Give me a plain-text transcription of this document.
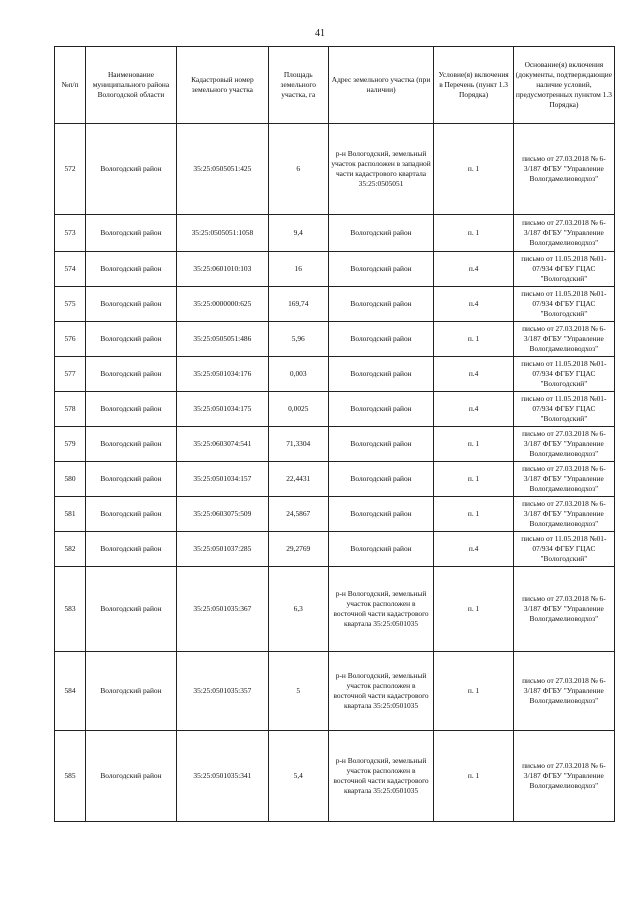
41
№п/п	Наименование муниципального района Вологодской области	Кадастровый номер земельного участка	Площадь земельного участка, га	Адрес земельного участка (при наличии)	Условие(я) включения в Перечень (пункт 1.3 Порядка)	Основание(я) включения (документы, подтверждающие наличие условий, предусмотренных пунктом 1.3 Порядка)
572	Вологодский район	35:25:0505051:425	6	р-н Вологодский, земельный участок расположен в западной части кадастрового квартала 35:25:0505051	п. 1	письмо от 27.03.2018 № 6-3/187 ФГБУ "Управление Вологдамелиоводхоз"
573	Вологодский район	35:25:0505051:1058	9,4	Вологодский район	п. 1	письмо от 27.03.2018 № 6-3/187 ФГБУ "Управление Вологдамелиоводхоз"
574	Вологодский район	35:25:0601010:103	16	Вологодский район	п.4	письмо от 11.05.2018 №01-07/934 ФГБУ ГЦАС "Вологодский"
575	Вологодский район	35:25:0000000:625	169,74	Вологодский район	п.4	письмо от 11.05.2018 №01-07/934 ФГБУ ГЦАС "Вологодский"
576	Вологодский район	35:25:0505051:486	5,96	Вологодский район	п. 1	письмо от 27.03.2018 № 6-3/187 ФГБУ "Управление Вологдамелиоводхоз"
577	Вологодский район	35:25:0501034:176	0,003	Вологодский район	п.4	письмо от 11.05.2018 №01-07/934 ФГБУ ГЦАС "Вологодский"
578	Вологодский район	35:25:0501034:175	0,0025	Вологодский район	п.4	письмо от 11.05.2018 №01-07/934 ФГБУ ГЦАС "Вологодский"
579	Вологодский район	35:25:0603074:541	71,3304	Вологодский район	п. 1	письмо от 27.03.2018 № 6-3/187 ФГБУ "Управление Вологдамелиоводхоз"
580	Вологодский район	35:25:0501034:157	22,4431	Вологодский район	п. 1	письмо от 27.03.2018 № 6-3/187 ФГБУ "Управление Вологдамелиоводхоз"
581	Вологодский район	35:25:0603075:509	24,5867	Вологодский район	п. 1	письмо от 27.03.2018 № 6-3/187 ФГБУ "Управление Вологдамелиоводхоз"
582	Вологодский район	35:25:0501037:285	29,2769	Вологодский район	п.4	письмо от 11.05.2018 №01-07/934 ФГБУ ГЦАС "Вологодский"
583	Вологодский район	35:25:0501035:367	6,3	р-н Вологодский, земельный участок расположен в восточной части кадастрового квартала 35:25:0501035	п. 1	письмо от 27.03.2018 № 6-3/187 ФГБУ "Управление Вологдамелиоводхоз"
584	Вологодский район	35:25:0501035:357	5	р-н Вологодский, земельный участок расположен в восточной части кадастрового квартала 35:25:0501035	п. 1	письмо от 27.03.2018 № 6-3/187 ФГБУ "Управление Вологдамелиоводхоз"
585	Вологодский район	35:25:0501035:341	5,4	р-н Вологодский, земельный участок расположен в восточной части кадастрового квартала 35:25:0501035	п. 1	письмо от 27.03.2018 № 6-3/187 ФГБУ "Управление Вологдамелиоводхоз"
